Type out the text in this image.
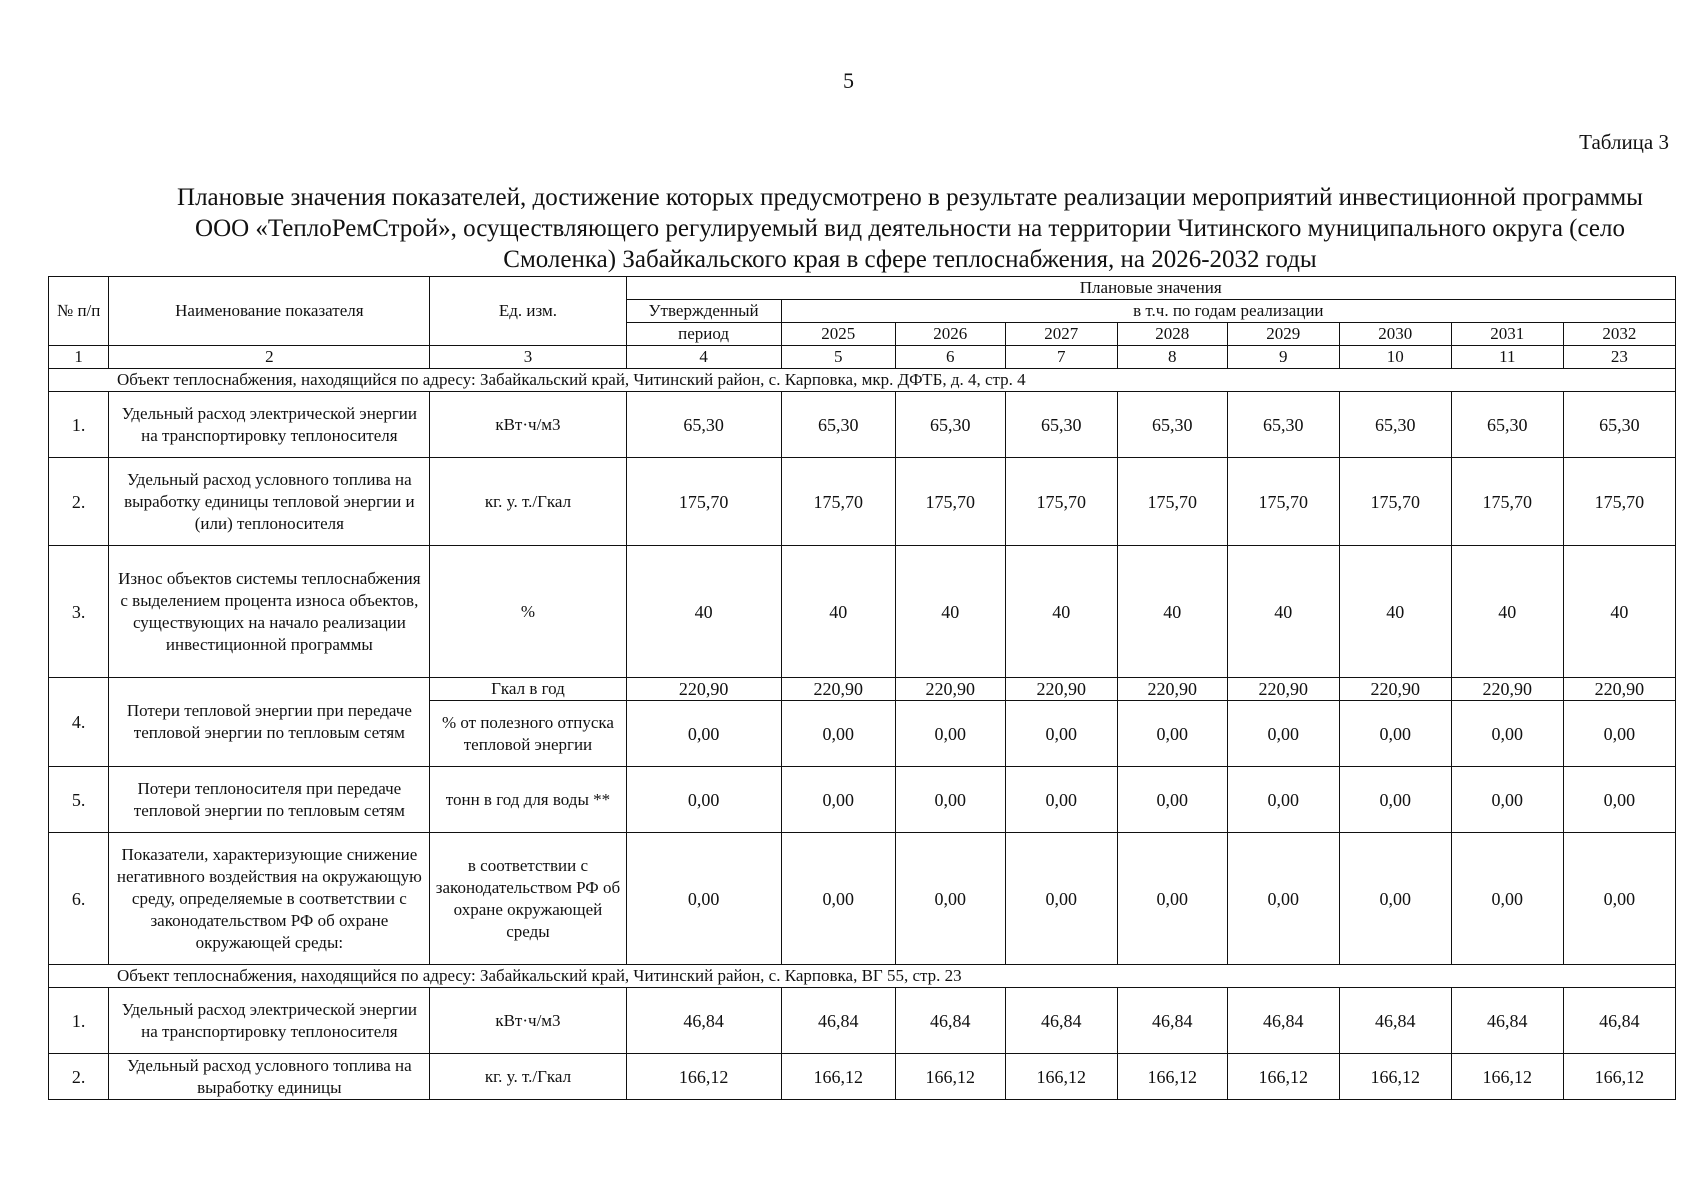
5
Таблица 3
Плановые значения показателей, достижение которых предусмотрено в результате реализации мероприятий инвестиционной программы ООО «ТеплоРемСтрой», осуществляющего регулируемый вид деятельности на территории Читинского муниципального округа (село Смоленка) Забайкальского края в сфере теплоснабжения, на 2026-2032 годы
№ п/п	Наименование показателя	Ед. изм.	Плановые значения								
			Утвержденный	в т.ч. по годам реализации							
			период	2025	2026	2027	2028	2029	2030	2031	2032
1	2	3	4	5	6	7	8	9	10	11	23
Объект теплоснабжения, находящийся по адресу: Забайкальский край, Читинский район, с. Карповка, мкр. ДФТБ, д. 4, стр. 4											
1.	Удельный расход электрической энергии на транспортировку теплоносителя	кВт·ч/м3	65,30	65,30	65,30	65,30	65,30	65,30	65,30	65,30	65,30
2.	Удельный расход условного топлива на выработку единицы тепловой энергии и (или) теплоносителя	кг. у. т./Гкал	175,70	175,70	175,70	175,70	175,70	175,70	175,70	175,70	175,70
3.	Износ объектов системы теплоснабжения с выделением процента износа объектов, существующих на начало реализации инвестиционной программы	%	40	40	40	40	40	40	40	40	40
4.	Потери тепловой энергии при передаче тепловой энергии по тепловым сетям	Гкал в год	220,90	220,90	220,90	220,90	220,90	220,90	220,90	220,90	220,90
		% от полезного отпуска тепловой энергии	0,00	0,00	0,00	0,00	0,00	0,00	0,00	0,00	0,00
5.	Потери теплоносителя при передаче тепловой энергии по тепловым сетям	тонн в год для воды **	0,00	0,00	0,00	0,00	0,00	0,00	0,00	0,00	0,00
6.	Показатели, характеризующие снижение негативного воздействия на окружающую среду, определяемые в соответствии с законодательством РФ об охране окружающей среды:	в соответствии с законодательством РФ об охране окружающей среды	0,00	0,00	0,00	0,00	0,00	0,00	0,00	0,00	0,00
Объект теплоснабжения, находящийся по адресу: Забайкальский край, Читинский район, с. Карповка, ВГ 55, стр. 23											
1.	Удельный расход электрической энергии на транспортировку теплоносителя	кВт·ч/м3	46,84	46,84	46,84	46,84	46,84	46,84	46,84	46,84	46,84
2.	Удельный расход условного топлива на выработку единицы	кг. у. т./Гкал	166,12	166,12	166,12	166,12	166,12	166,12	166,12	166,12	166,12
